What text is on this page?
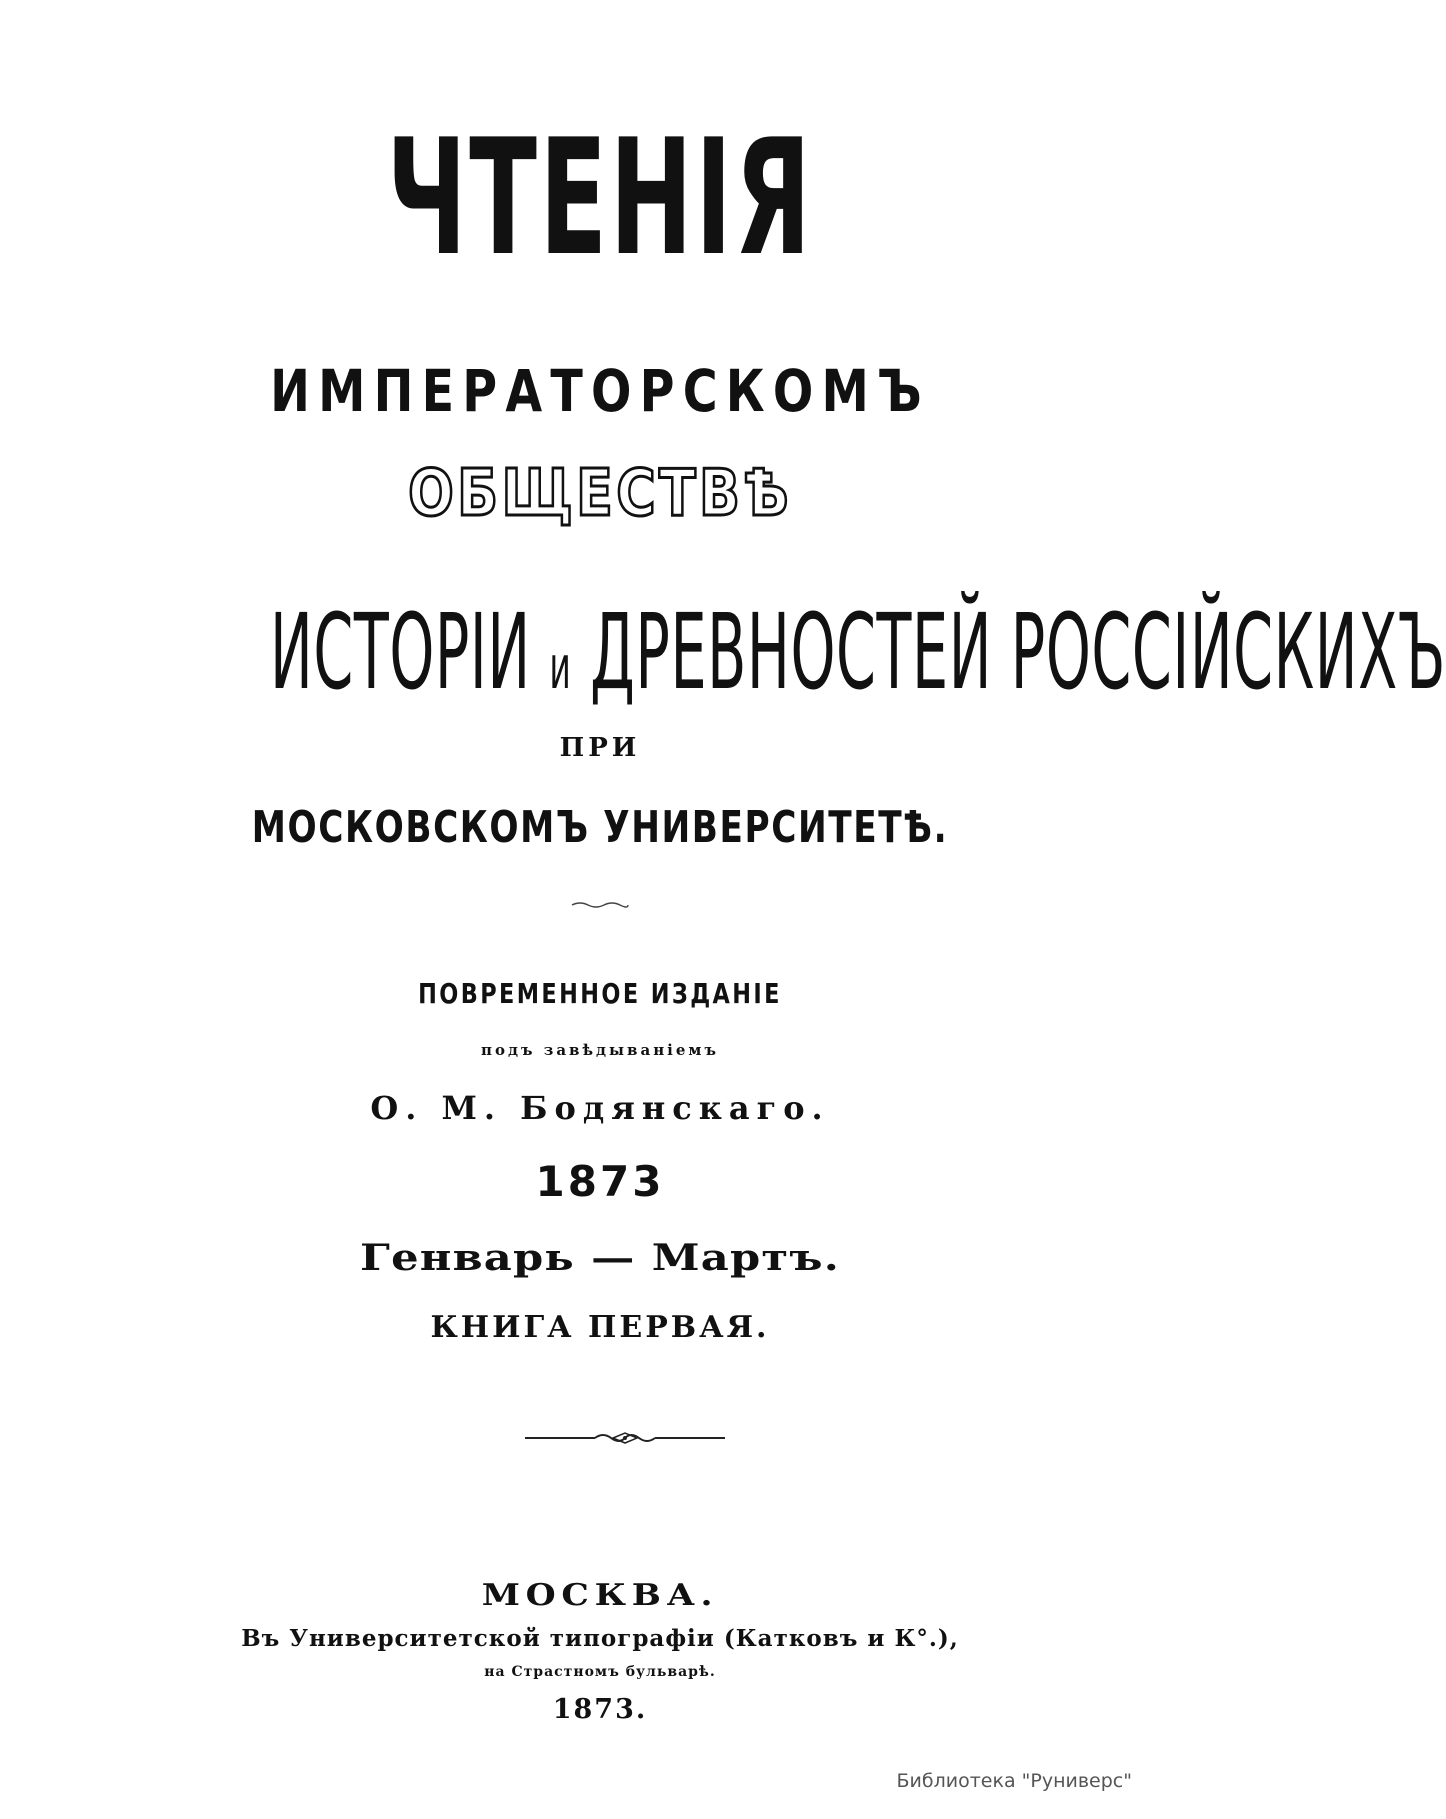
ЧТЕНІЯ
ИМПЕРАТОРСКОМЪ
ОБЩЕСТВѢ
ИСТОРІИ и ДРЕВНОСТЕЙ РОССІЙСКИХЪ
ПРИ
МОСКОВСКОМЪ УНИВЕРСИТЕТѢ.
ПОВРЕМЕННОЕ ИЗДАНІЕ
подъ завѣдываніемъ
О. М. Бодянскаго.
1873
Генварь — Мартъ.
КНИГА ПЕРВАЯ.
МОСКВА.
Въ Университетской типографіи (Катковъ и К°.),
на Страстномъ бульварѣ.
1873.
Библиотека "Руниверс"
